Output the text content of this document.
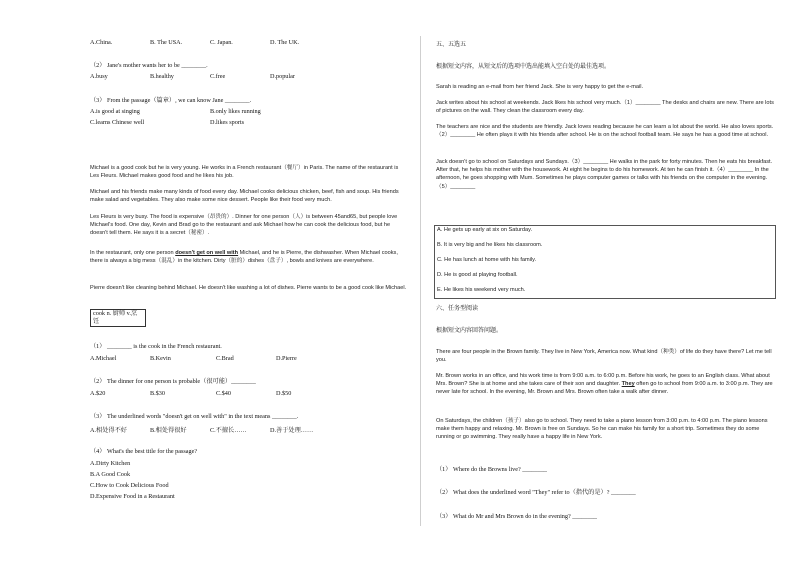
A.China.	B. The USA.	C. Japan.	D. The UK.
（2） Jane's mother wants her to be ________.
A.busy	B.healthy	C.free	D.popular
（3） From the passage（篇章）, we can know Jane ________.
A.is good at singing	B.only likes running
C.learns Chinese well	D.likes sports
Michael is a good cook but he is very young. He works in a French restaurant（餐厅）in Paris. The name of the restaurant is Les Fleurs. Michael makes good food and he likes his job.
Michael and his friends make many kinds of food every day. Michael cooks delicious chicken, beef, fish and soup. His friends make salad and vegetables. They also make some nice dessert. People like their food very much.
Les Fleurs is very busy. The food is expensive（昂贵的）. Dinner for one person（人）is between 45and65, but people love Michael's food. One day, Kevin and Brad go to the restaurant and ask Michael how he can cook the delicious food, but he doesn't tell them. He says it is a secret（秘密）.
In the restaurant, only one person doesn't get on well with Michael, and he is Pierre, the dishwasher. When Michael cooks, there is always a big mess（混乱）in the kitchen. Dirty（脏的）dishes（盘子）, bowls and knives are everywhere.
Pierre doesn't like cleaning behind Michael. He doesn't like washing a lot of dishes. Pierre wants to be a good cook like Michael.
cook n. 厨师 v.烹饪
（1） ________ is the cook in the French restaurant.
A.Michael	B.Kevin	C.Brad	D.Pierre
（2） The dinner for one person is probable（很可能）________
A.$20	B.$30	C.$40	D.$50
（3） The underlined words "doesn't get on well with" in the text means ________.
A.相处得不好	B.相处得很好	C.不擅长……	D.善于处理……
（4） What's the best title for the passage?
A.Dirty Kitchen
B.A Good Cook
C.How to Cook Delicious Food
D.Expensive Food in a Restaurant
五、五选五
根据短文内容，从短文后的选项中选出能填入空白处的最佳选项。
Sarah is reading an e-mail from her friend Jack. She is very happy to get the e-mail.
Jack writes about his school at weekends. Jack likes his school very much.（1）________ The desks and chairs are new. There are lots of pictures on the wall. They clean the classroom every day.
The teachers are nice and the students are friendly. Jack loves reading because he can learn a lot about the world. He also loves sports.（2）________ He often plays it with his friends after school. He is on the school football team. He says he has a good time at school.
Jack doesn't go to school on Saturdays and Sundays.（3）________ He walks in the park for forty minutes. Then he eats his breakfast. After that, he helps his mother with the housework. At eight he begins to do his homework. At ten he can finish it.（4）________ In the afternoon, he goes shopping with Mum. Sometimes he plays computer games or talks with his friends on the computer in the evening.（5）________
A. He gets up early at six on Saturday.
B. It is very big and he likes his classroom.
C. He has lunch at home with his family.
D. He is good at playing football.
E. He likes his weekend very much.
六、任务型阅读
根据短文内容回答问题。
There are four people in the Brown family. They live in New York, America now. What kind（种类）of life do they have there? Let me tell you.
Mr. Brown works in an office, and his work time is from 9:00 a.m. to 6:00 p.m. Before his work, he goes to an English class. What about Mrs. Brown? She is at home and she takes care of their son and daughter. They often go to school from 9:00 a.m. to 3:00 p.m. They are never late for school. In the evening, Mr. Brown and Mrs. Brown often take a walk after dinner.
On Saturdays, the children（孩子）also go to school. They need to take a piano lesson from 3:00 p.m. to 4:00 p.m. The piano lessons make them happy and relaxing. Mr. Brown is free on Sundays. So he can make his family for a short trip. Sometimes they do some running or go swimming. They really have a happy life in New York.
（1） Where do the Browns live? ________
（2） What does the underlined word "They" refer to（指代的是）? ________
（3） What do Mr and Mrs Brown do in the evening? ________
